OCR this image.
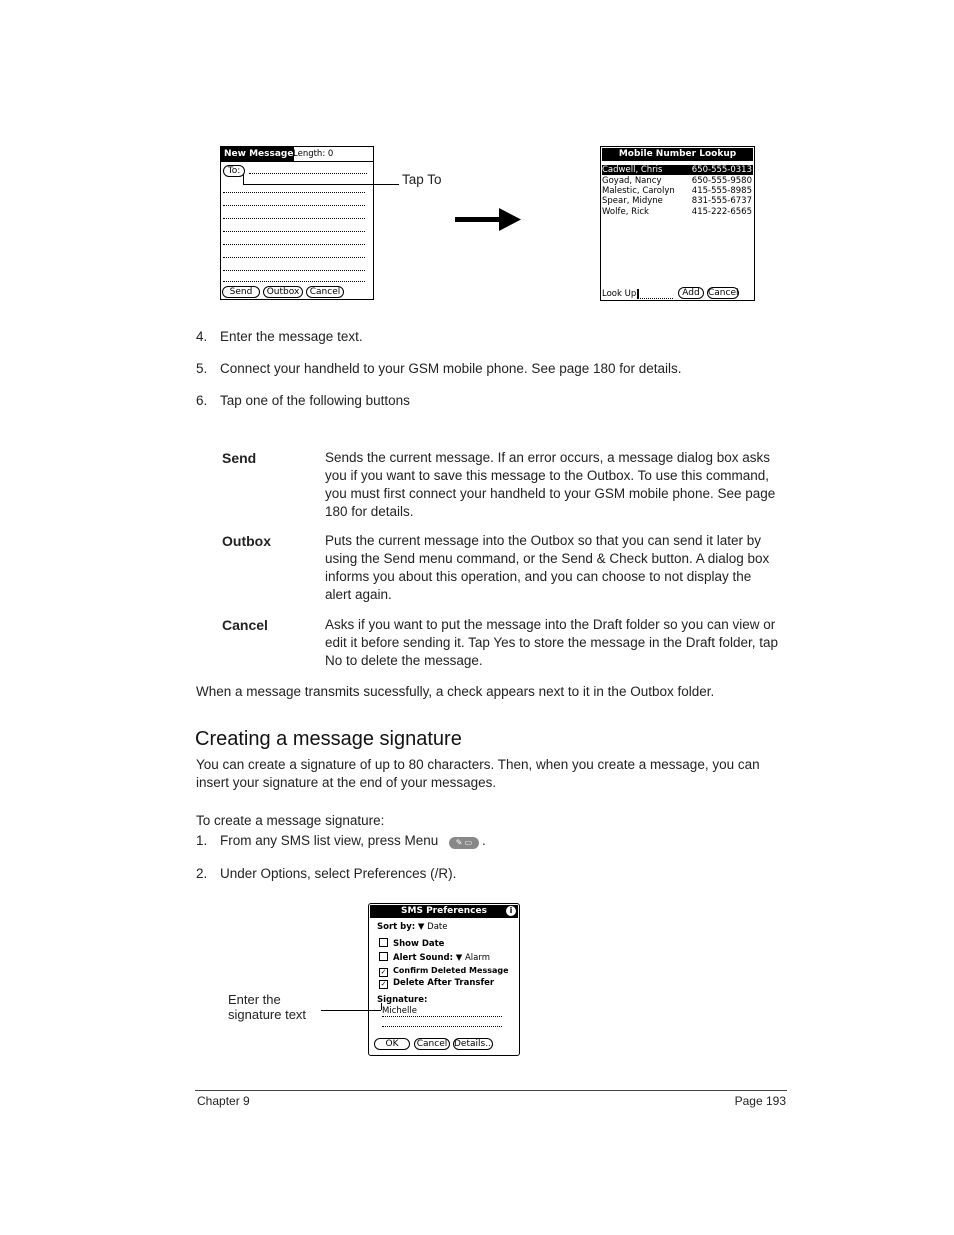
New Message Length: 0
To:
Send	Outbox	Cancel
Tap To
Mobile Number Lookup
Cadwell, Chris	650-555-0313
Goyad, Nancy	650-555-9580
Malestic, Carolyn 415-555-8985
Spear, Midyne	831-555-6737
Wolfe, Rick	415-222-6565
Look Up:	Add Cancel
4. Enter the message text.
5. Connect your handheld to your GSM mobile phone. See page 180 for details.
6. Tap one of the following buttons
Send	Sends the current message. If an error occurs, a message dialog box asks you if you want to save this message to the Outbox. To use this command, you must first connect your handheld to your GSM mobile phone. See page 180 for details.
Outbox	Puts the current message into the Outbox so that you can send it later by using the Send menu command, or the Send & Check button. A dialog box informs you about this operation, and you can choose to not display the alert again.
Cancel	Asks if you want to put the message into the Draft folder so you can view or edit it before sending it. Tap Yes to store the message in the Draft folder, tap No to delete the message.
When a message transmits sucessfully, a check appears next to it in the Outbox folder.
Creating a message signature
You can create a signature of up to 80 characters. Then, when you create a message, you can insert your signature at the end of your messages.
To create a message signature:
1. From any SMS list view, press Menu	✎ ▭ .
2. Under Options, select Preferences (/R).
SMS Preferences	i
Sort by: ▼ Date
Show Date
Alert Sound: ▼ Alarm
✓ Confirm Deleted Message
✓ Delete After Transfer
Signature:
Michelle
OK	Cancel Details...
Enter the
signature text
Chapter 9	Page 193
